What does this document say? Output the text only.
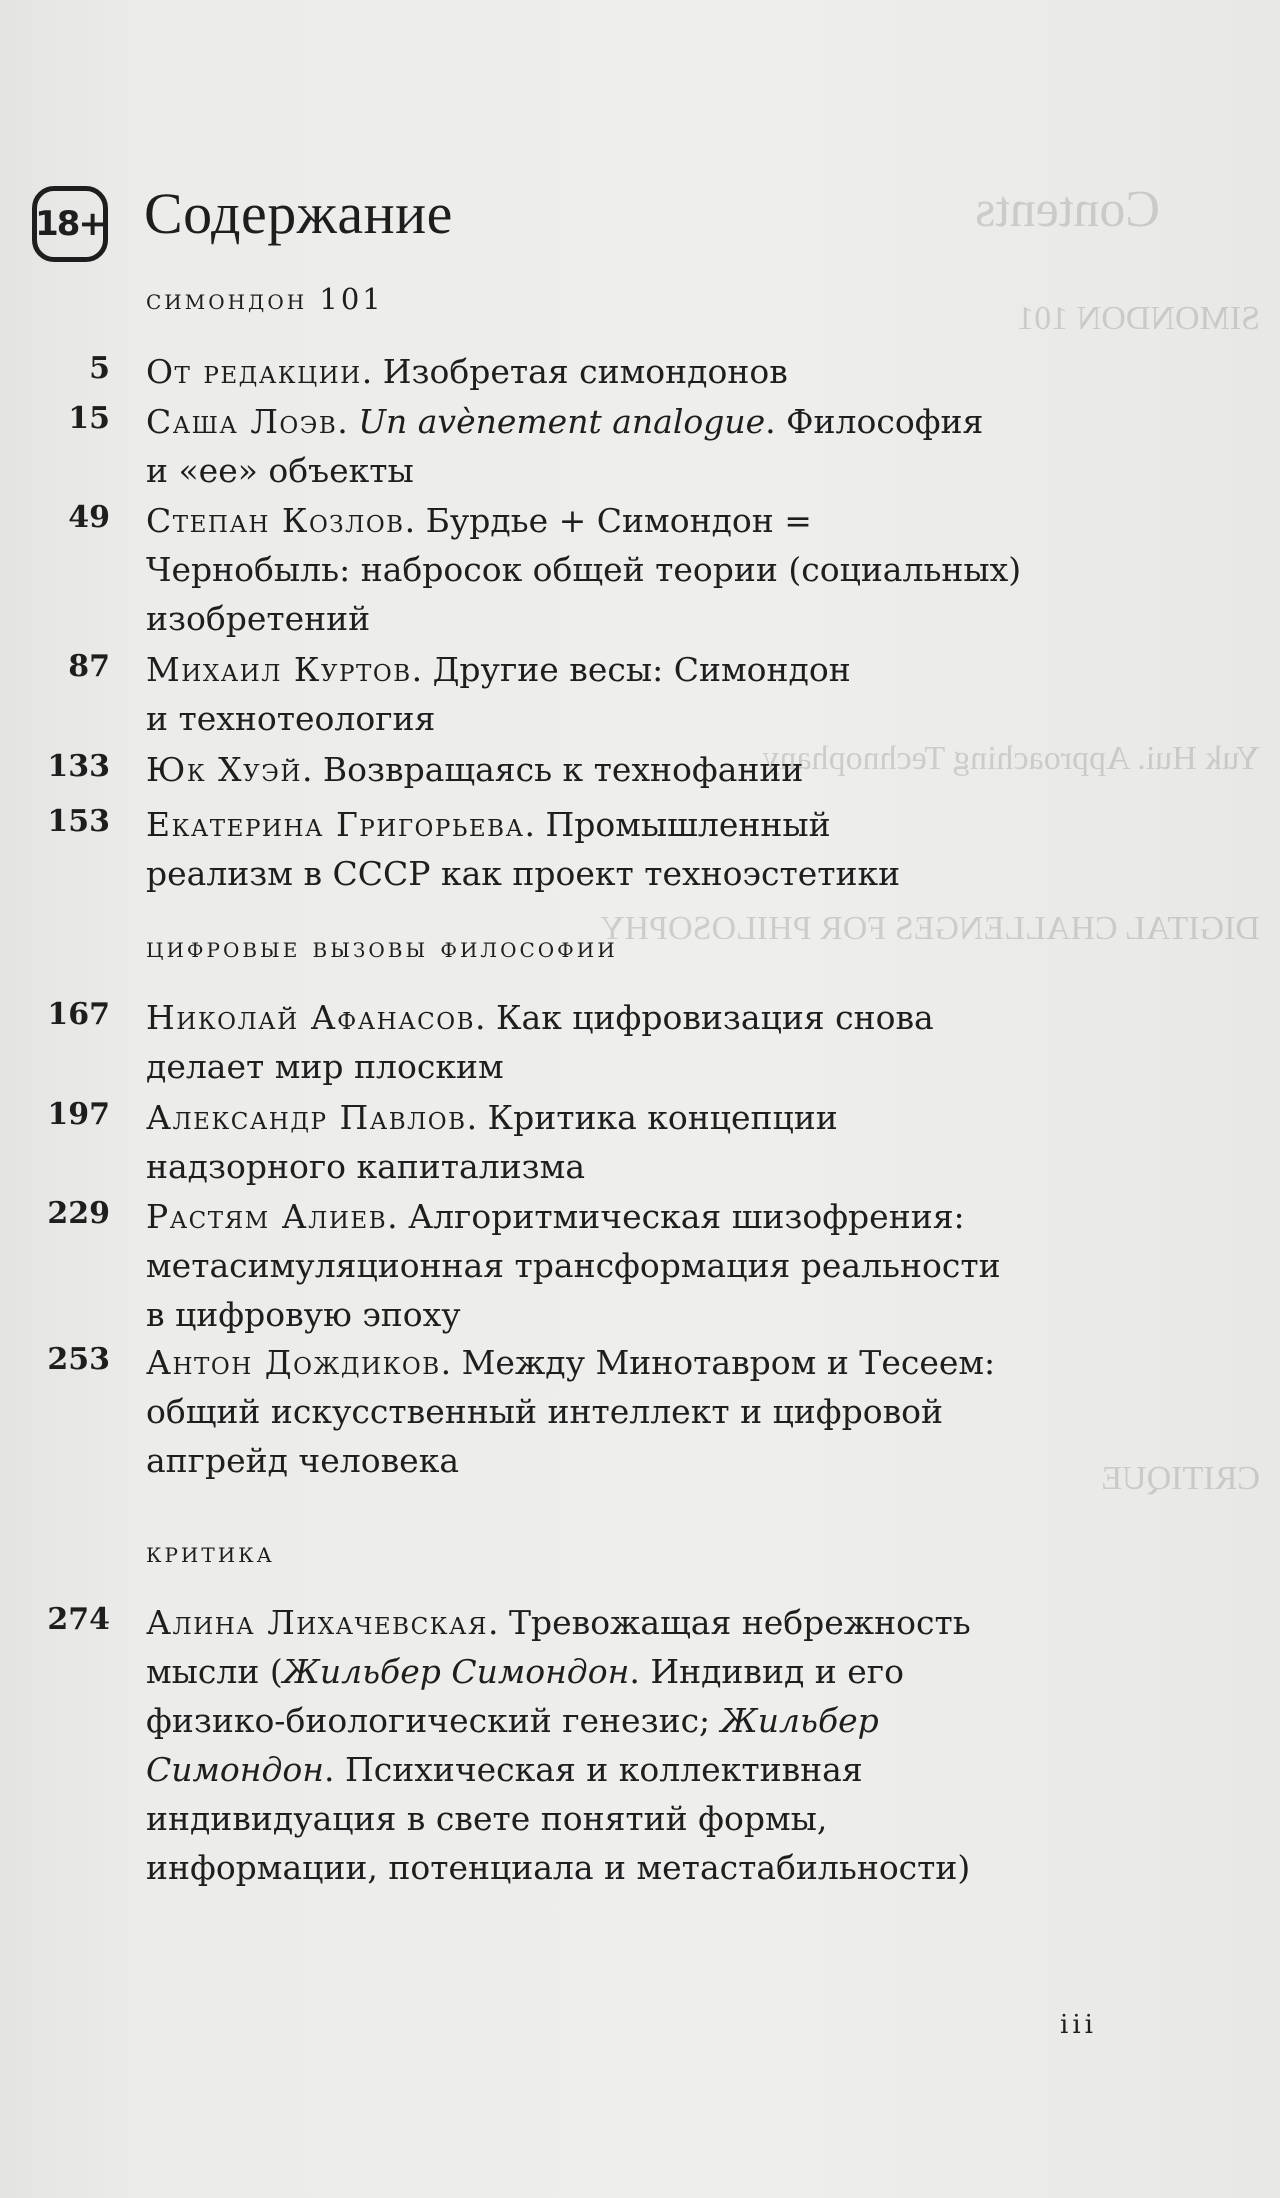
Contents
SIMONDON 101
Yuk Hui. Approaching Technophany
DIGITAL CHALLENGES FOR PHILOSOPHY
CRITIQUE
18+ Содержание
симондон 101
5 От редакции. Изобретая симондонов
15 Саша Лоэв. Un avènement analogue. Философия
и «ее» объекты
49 Степан Козлов. Бурдье + Симондон =
Чернобыль: набросок общей теории (социальных)
изобретений
87 Михаил Куртов. Другие весы: Симондон
и технотеология
133 Юк Хуэй. Возвращаясь к технофании
153 Екатерина Григорьева. Промышленный
реализм в СССР как проект техноэстетики
цифровые вызовы философии
167 Николай Афанасов. Как цифровизация снова
делает мир плоским
197 Александр Павлов. Критика концепции
надзорного капитализма
229 Растям Алиев. Алгоритмическая шизофрения:
метасимуляционная трансформация реальности
в цифровую эпоху
253 Антон Дождиков. Между Минотавром и Тесеем:
общий искусственный интеллект и цифровой
апгрейд человека
критика
274 Алина Лихачевская. Тревожащая небрежность
мысли (Жильбер Симондон. Индивид и его
физико-биологический генезис; Жильбер
Симондон. Психическая и коллективная
индивидуация в свете понятий формы,
информации, потенциала и метастабильности)
iii
